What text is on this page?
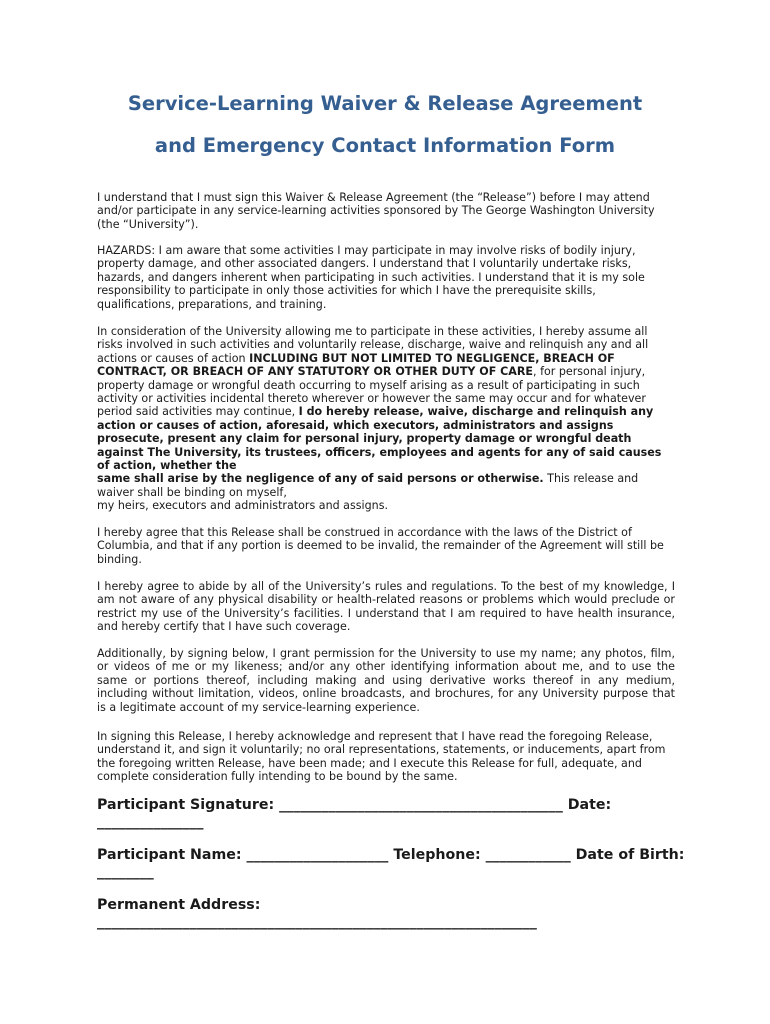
Service-Learning Waiver & Release Agreement
and Emergency Contact Information Form

I understand that I must sign this Waiver & Release Agreement (the “Release”) before I may attend and/or participate in any service-learning activities sponsored by The George Washington University (the “University”).

HAZARDS: I am aware that some activities I may participate in may involve risks of bodily injury, property damage, and other associated dangers. I understand that I voluntarily undertake risks, hazards, and dangers inherent when participating in such activities. I understand that it is my sole responsibility to participate in only those activities for which I have the prerequisite skills, qualifications, preparations, and training.

In consideration of the University allowing me to participate in these activities, I hereby assume all risks involved in such activities and voluntarily release, discharge, waive and relinquish any and all actions or causes of action INCLUDING BUT NOT LIMITED TO NEGLIGENCE, BREACH OF CONTRACT, OR BREACH OF ANY STATUTORY OR OTHER DUTY OF CARE, for personal injury, property damage or wrongful death occurring to myself arising as a result of participating in such activity or activities incidental thereto wherever or however the same may occur and for whatever period said activities may continue, I do hereby release, waive, discharge and relinquish any action or causes of action, aforesaid, which executors, administrators and assigns prosecute, present any claim for personal injury, property damage or wrongful death against The University, its trustees, officers, employees and agents for any of said causes of action, whether the
same shall arise by the negligence of any of said persons or otherwise. This release and waiver shall be binding on myself,
my heirs, executors and administrators and assigns.

I hereby agree that this Release shall be construed in accordance with the laws of the District of Columbia, and that if any portion is deemed to be invalid, the remainder of the Agreement will still be binding.

I hereby agree to abide by all of the University’s rules and regulations. To the best of my knowledge, I am not aware of any physical disability or health-related reasons or problems which would preclude or restrict my use of the University’s facilities. I understand that I am required to have health insurance, and hereby certify that I have such coverage.

Additionally, by signing below, I grant permission for the University to use my name; any photos, film, or videos of me or my likeness; and/or any other identifying information about me, and to use the same or portions thereof, including making and using derivative works thereof in any medium, including without limitation, videos, online broadcasts, and brochures, for any University purpose that is a legitimate account of my service-learning experience.

In signing this Release, I hereby acknowledge and represent that I have read the foregoing Release, understand it, and sign it voluntarily; no oral representations, statements, or inducements, apart from the foregoing written Release, have been made; and I execute this Release for full, adequate, and complete consideration fully intending to be bound by the same.

Participant Signature: ________________________________________ Date: _______________

Participant Name: ____________________ Telephone: ____________ Date of Birth: ________

Permanent Address: ______________________________________________________________
